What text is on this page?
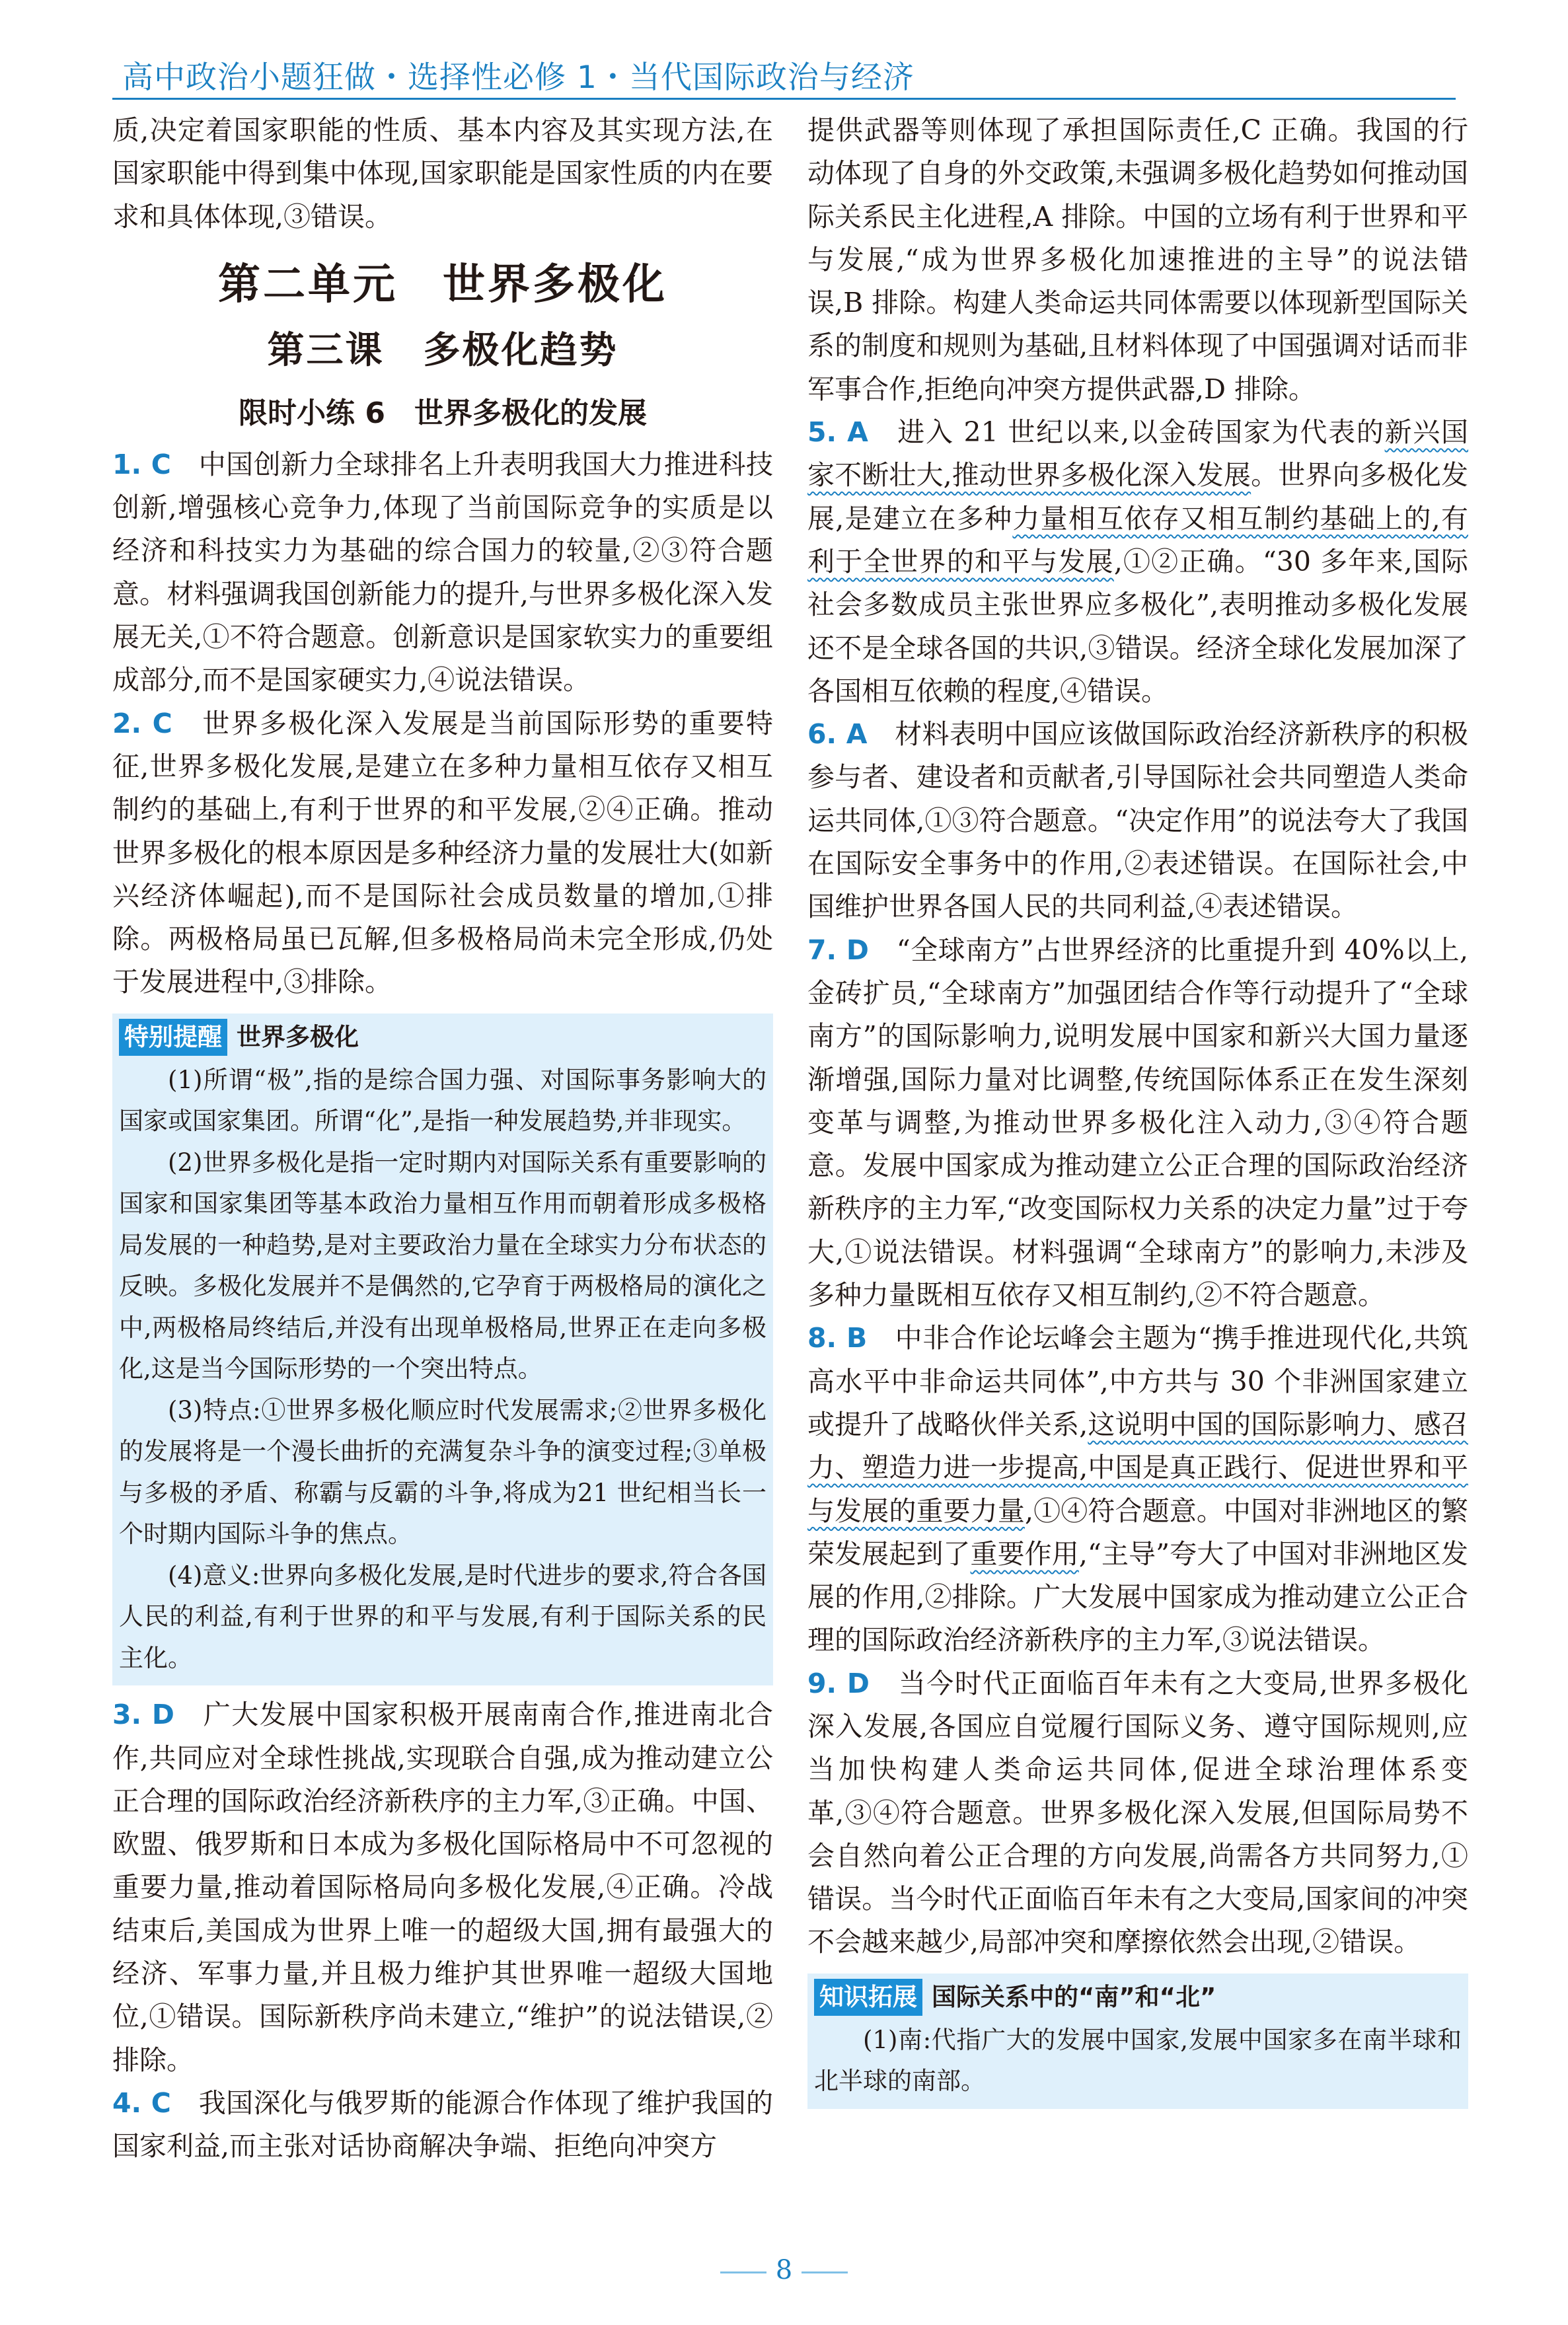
高中政治小题狂做・选择性必修 1・当代国际政治与经济

质,决定着国家职能的性质、基本内容及其实现方法,在国家职能中得到集中体现,国家职能是国家性质的内在要求和具体体现,③错误。

第二单元　世界多极化
第三课　多极化趋势
限时小练 6　世界多极化的发展

1. C　 中国创新力全球排名上升表明我国大力推进科技创新,增强核心竞争力,体现了当前国际竞争的实质是以经济和科技实力为基础的综合国力的较量,②③符合题意。材料强调我国创新能力的提升,与世界多极化深入发展无关,①不符合题意。创新意识是国家软实力的重要组成部分,而不是国家硬实力,④说法错误。

2. C　 世界多极化深入发展是当前国际形势的重要特征,世界多极化发展,是建立在多种力量相互依存又相互制约的基础上,有利于世界的和平发展,②④正确。推动世界多极化的根本原因是多种经济力量的发展壮大(如新兴经济体崛起),而不是国际社会成员数量的增加,①排除。两极格局虽已瓦解,但多极格局尚未完全形成,仍处于发展进程中,③排除。

特别提醒 世界多极化

(1)所谓“极”,指的是综合国力强、对国际事务影响大的国家或国家集团。所谓“化”,是指一种发展趋势,并非现实。

(2)世界多极化是指一定时期内对国际关系有重要影响的国家和国家集团等基本政治力量相互作用而朝着形成多极格局发展的一种趋势,是对主要政治力量在全球实力分布状态的反映。多极化发展并不是偶然的,它孕育于两极格局的演化之中,两极格局终结后,并没有出现单极格局,世界正在走向多极化,这是当今国际形势的一个突出特点。

(3)特点:①世界多极化顺应时代发展需求;②世界多极化的发展将是一个漫长曲折的充满复杂斗争的演变过程;③单极与多极的矛盾、称霸与反霸的斗争,将成为21 世纪相当长一个时期内国际斗争的焦点。

(4)意义:世界向多极化发展,是时代进步的要求,符合各国人民的利益,有利于世界的和平与发展,有利于国际关系的民主化。

3. D　 广大发展中国家积极开展南南合作,推进南北合作,共同应对全球性挑战,实现联合自强,成为推动建立公正合理的国际政治经济新秩序的主力军,③正确。中国、欧盟、俄罗斯和日本成为多极化国际格局中不可忽视的重要力量,推动着国际格局向多极化发展,④正确。冷战结束后,美国成为世界上唯一的超级大国,拥有最强大的经济、军事力量,并且极力维护其世界唯一超级大国地位,①错误。国际新秩序尚未建立,“维护”的说法错误,②排除。

4. C　 我国深化与俄罗斯的能源合作体现了维护我国的国家利益,而主张对话协商解决争端、拒绝向冲突方

提供武器等则体现了承担国际责任,C 正确。我国的行动体现了自身的外交政策,未强调多极化趋势如何推动国际关系民主化进程,A 排除。中国的立场有利于世界和平与发展,“成为世界多极化加速推进的主导”的说法错误,B 排除。构建人类命运共同体需要以体现新型国际关系的制度和规则为基础,且材料体现了中国强调对话而非军事合作,拒绝向冲突方提供武器,D 排除。

5. A　 进入 21 世纪以来,以金砖国家为代表的新兴国家不断壮大,推动世界多极化深入发展。世界向多极化发展,是建立在多种力量相互依存又相互制约基础上的,有利于全世界的和平与发展,①②正确。“30 多年来,国际社会多数成员主张世界应多极化”,表明推动多极化发展还不是全球各国的共识,③错误。经济全球化发展加深了各国相互依赖的程度,④错误。

6. A　 材料表明中国应该做国际政治经济新秩序的积极参与者、建设者和贡献者,引导国际社会共同塑造人类命运共同体,①③符合题意。“决定作用”的说法夸大了我国在国际安全事务中的作用,②表述错误。在国际社会,中国维护世界各国人民的共同利益,④表述错误。

7. D　 “全球南方”占世界经济的比重提升到 40%以上,金砖扩员,“全球南方”加强团结合作等行动提升了“全球南方”的国际影响力,说明发展中国家和新兴大国力量逐渐增强,国际力量对比调整,传统国际体系正在发生深刻变革与调整,为推动世界多极化注入动力,③④符合题意。发展中国家成为推动建立公正合理的国际政治经济新秩序的主力军,“改变国际权力关系的决定力量”过于夸大,①说法错误。材料强调“全球南方”的影响力,未涉及多种力量既相互依存又相互制约,②不符合题意。

8. B　 中非合作论坛峰会主题为“携手推进现代化,共筑高水平中非命运共同体”,中方共与 30 个非洲国家建立或提升了战略伙伴关系,这说明中国的国际影响力、感召力、塑造力进一步提高,中国是真正践行、促进世界和平与发展的重要力量,①④符合题意。中国对非洲地区的繁荣发展起到了重要作用,“主导”夸大了中国对非洲地区发展的作用,②排除。广大发展中国家成为推动建立公正合理的国际政治经济新秩序的主力军,③说法错误。

9. D　 当今时代正面临百年未有之大变局,世界多极化深入发展,各国应自觉履行国际义务、遵守国际规则,应当加快构建人类命运共同体,促进全球治理体系变革,③④符合题意。世界多极化深入发展,但国际局势不会自然向着公正合理的方向发展,尚需各方共同努力,①错误。当今时代正面临百年未有之大变局,国家间的冲突不会越来越少,局部冲突和摩擦依然会出现,②错误。

知识拓展 国际关系中的“南”和“北”

(1)南:代指广大的发展中国家,发展中国家多在南半球和北半球的南部。

8
